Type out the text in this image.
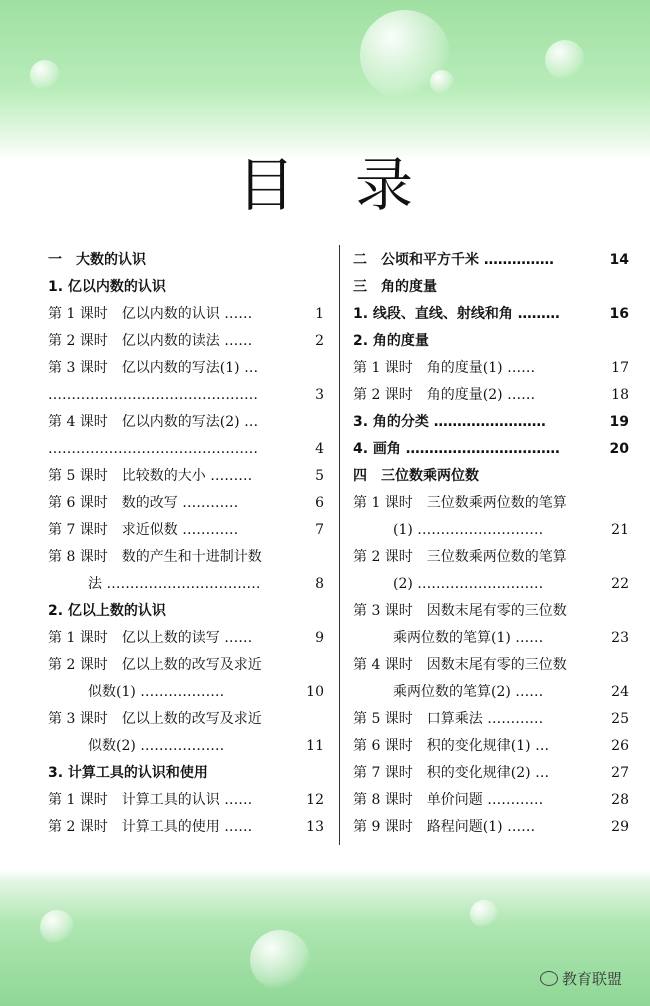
目录
一　大数的认识
1. 亿以内数的认识
第 1 课时　亿以内数的认识 ……	1
第 2 课时　亿以内数的读法 ……	2
第 3 课时　亿以内数的写法(1) …
………………………………………	3
第 4 课时　亿以内数的写法(2) …
………………………………………	4
第 5 课时　比较数的大小 ………	5
第 6 课时　数的改写 …………	6
第 7 课时　求近似数 …………	7
第 8 课时　数的产生和十进制计数
法 ……………………………	8
2. 亿以上数的认识
第 1 课时　亿以上数的读写 ……	9
第 2 课时　亿以上数的改写及求近
似数(1) ………………	10
第 3 课时　亿以上数的改写及求近
似数(2) ………………	11
3. 计算工具的认识和使用
第 1 课时　计算工具的认识 ……	12
第 2 课时　计算工具的使用 ……	13
二　公顷和平方千米 ……………	14
三　角的度量
1. 线段、直线、射线和角 ………	16
2. 角的度量
第 1 课时　角的度量(1) ……	17
第 2 课时　角的度量(2) ……	18
3. 角的分类 ……………………	19
4. 画角 ……………………………	20
四　三位数乘两位数
第 1 课时　三位数乘两位数的笔算
(1) ………………………	21
第 2 课时　三位数乘两位数的笔算
(2) ………………………	22
第 3 课时　因数末尾有零的三位数
乘两位数的笔算(1) ……	23
第 4 课时　因数末尾有零的三位数
乘两位数的笔算(2) ……	24
第 5 课时　口算乘法 …………	25
第 6 课时　积的变化规律(1) …	26
第 7 课时　积的变化规律(2) …	27
第 8 课时　单价问题 …………	28
第 9 课时　路程问题(1) ……	29
教育联盟
